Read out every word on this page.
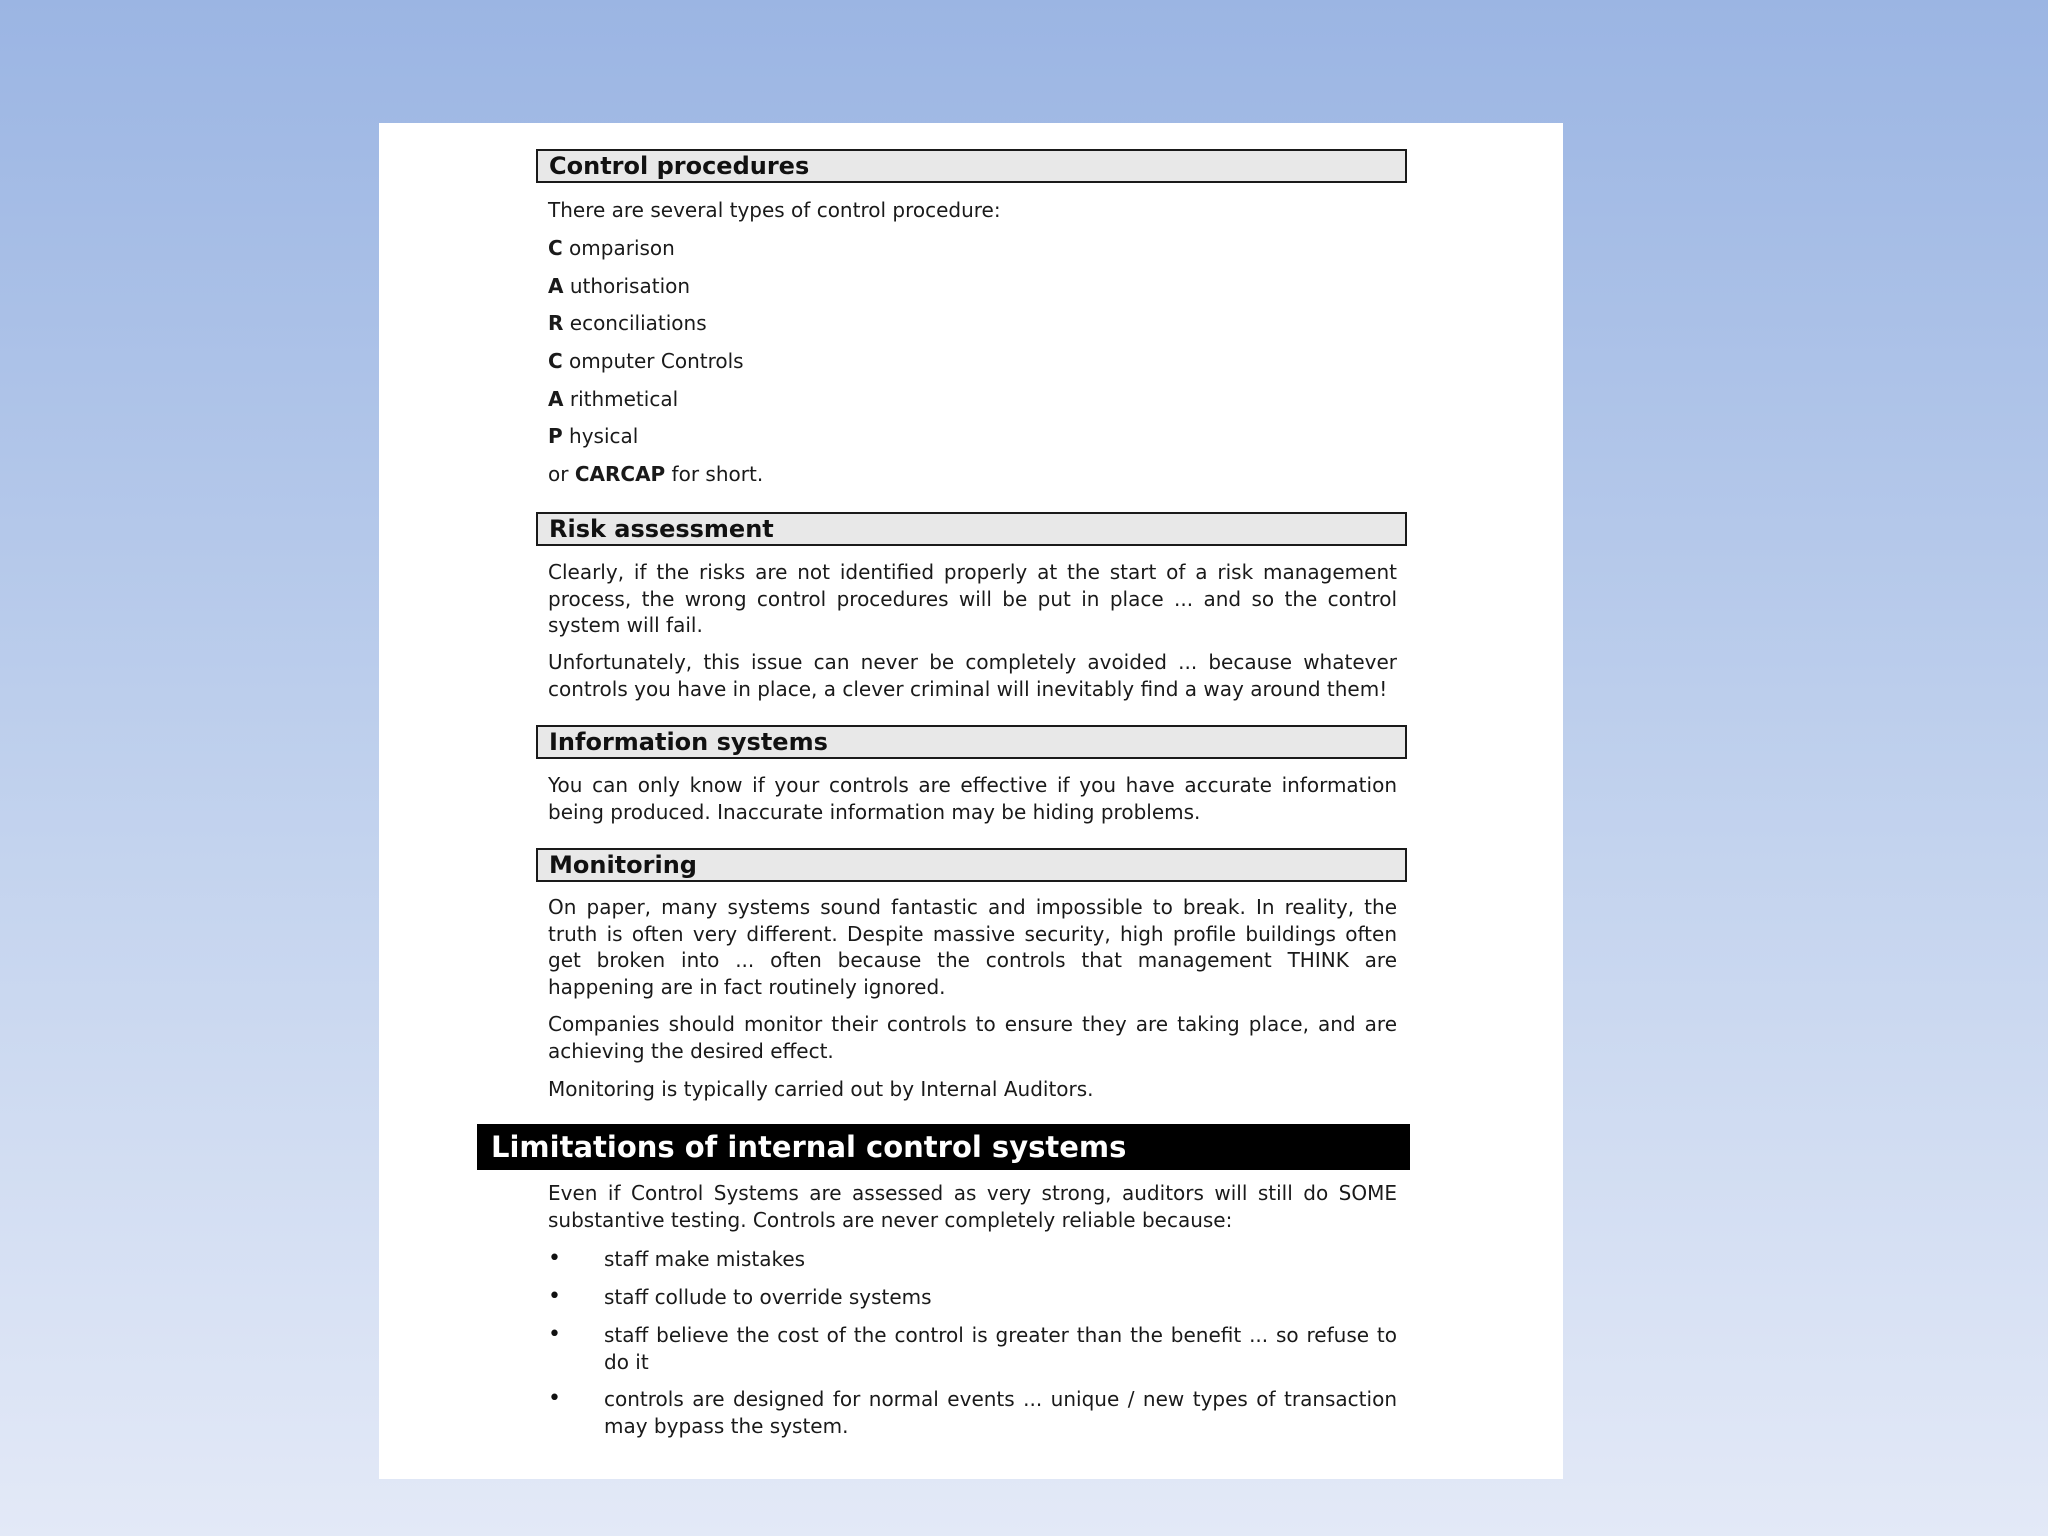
Control procedures
There are several types of control procedure:
C omparison
A uthorisation
R econciliations
C omputer Controls
A rithmetical
P hysical
or CARCAP for short.
Risk assessment
Clearly, if the risks are not identified properly at the start of a risk management process, the wrong control procedures will be put in place ... and so the control system will fail.
Unfortunately, this issue can never be completely avoided ... because whatever controls you have in place, a clever criminal will inevitably find a way around them!
Information systems
You can only know if your controls are effective if you have accurate information being produced. Inaccurate information may be hiding problems.
Monitoring
On paper, many systems sound fantastic and impossible to break. In reality, the truth is often very different. Despite massive security, high profile buildings often get broken into ... often because the controls that management THINK are happening are in fact routinely ignored.
Companies should monitor their controls to ensure they are taking place, and are achieving the desired effect.
Monitoring is typically carried out by Internal Auditors.
Limitations of internal control systems
Even if Control Systems are assessed as very strong, auditors will still do SOME substantive testing. Controls are never completely reliable because:
• staff make mistakes
• staff collude to override systems
• staff believe the cost of the control is greater than the benefit ... so refuse to do it
• controls are designed for normal events ... unique / new types of transaction may bypass the system.
